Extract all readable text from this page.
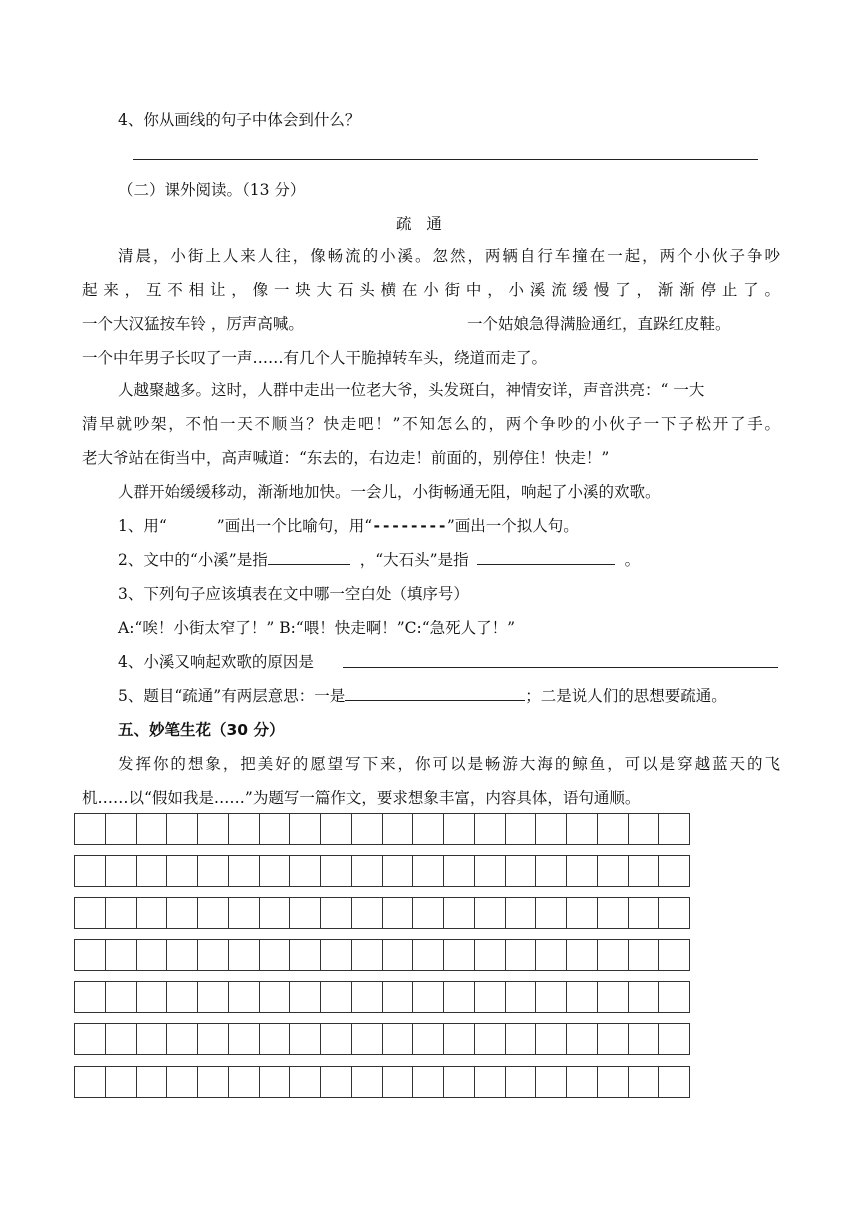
4、你从画线的句子中体会到什么？
（二）课外阅读。（13 分）
疏 通
清晨，小街上人来人往，像畅流的小溪。忽然，两辆自行车撞在一起，两个小伙子争吵
起来，互不相让，像一块大石头横在小街中，小溪流缓慢了，渐渐停止了。
一个大汉猛按车铃 ，厉声高喊。	一个姑娘急得满脸通红，直跺红皮鞋。
一个中年男子长叹了一声……有几个人干脆掉转车头，绕道而走了。
人越聚越多。这时，人群中走出一位老大爷，头发斑白，神情安详，声音洪亮：“ 一大
清早就吵架，不怕一天不顺当？快走吧！”不知怎么的，两个争吵的小伙子一下子松开了手。
老大爷站在街当中，高声喊道：“东去的，右边走！前面的，别停住！快走！”
人群开始缓缓移动，渐渐地加快。一会儿，小街畅通无阻，响起了小溪的欢歌。
1、用“	”画出一个比喻句，用“--------”画出一个拟人句。
2、文中的“小溪”是指	，“大石头”是指	。
3、下列句子应该填表在文中哪一空白处（填序号）
A:“唉！小街太窄了！” B:“喂！快走啊！”C:“急死人了！”
4、小溪又响起欢歌的原因是
5、题目“疏通”有两层意思：一是	；二是说人们的思想要疏通。
五、妙笔生花（30 分）
发挥你的想象，把美好的愿望写下来，你可以是畅游大海的鲸鱼，可以是穿越蓝天的飞
机……以“假如我是……”为题写一篇作文，要求想象丰富，内容具体，语句通顺。
